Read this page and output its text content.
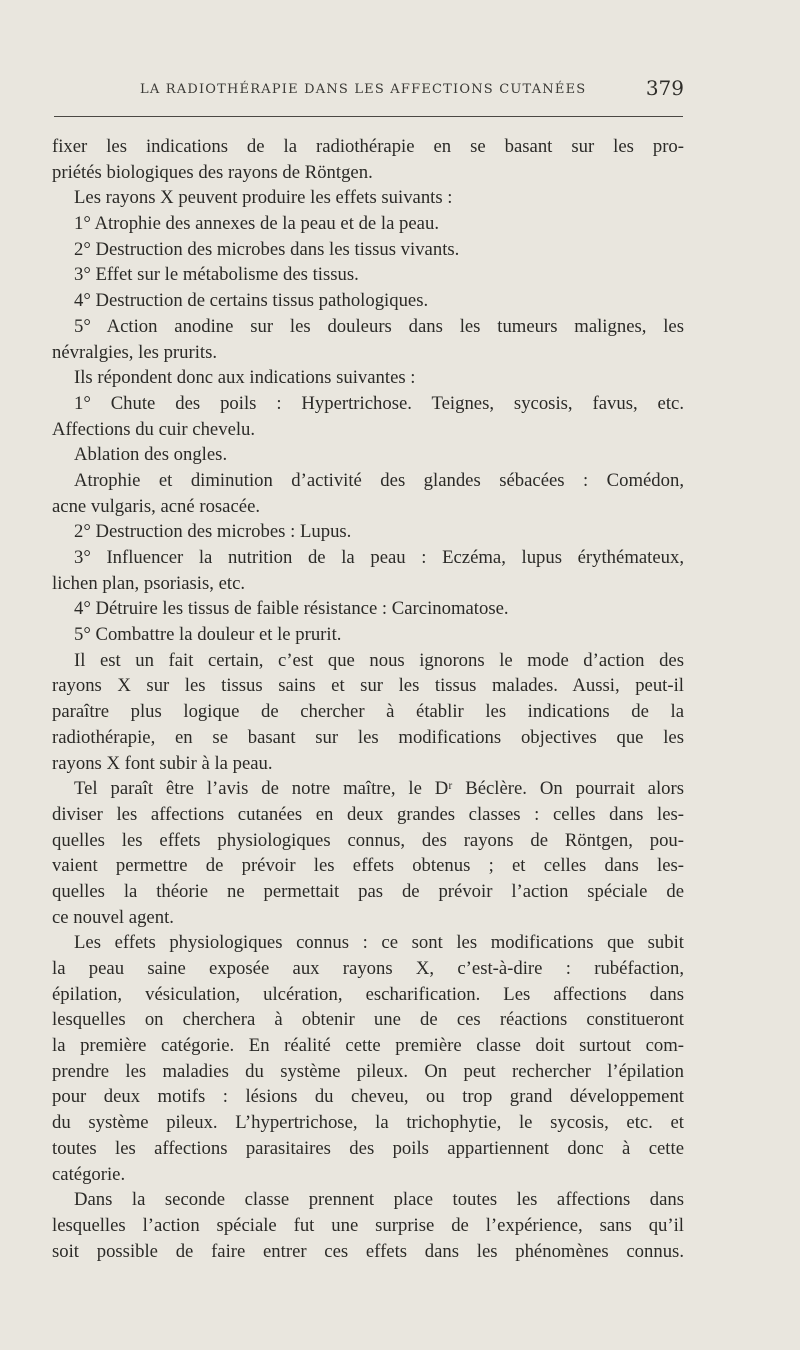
LA RADIOTHÉRAPIE DANS LES AFFECTIONS CUTANÉES	379
fixer les indications de la radiothérapie en se basant sur les pro-
priétés biologiques des rayons de Röntgen.
Les rayons X peuvent produire les effets suivants :
1° Atrophie des annexes de la peau et de la peau.
2° Destruction des microbes dans les tissus vivants.
3° Effet sur le métabolisme des tissus.
4° Destruction de certains tissus pathologiques.
5° Action anodine sur les douleurs dans les tumeurs malignes, les
névralgies, les prurits.
Ils répondent donc aux indications suivantes :
1° Chute des poils : Hypertrichose. Teignes, sycosis, favus, etc.
Affections du cuir chevelu.
Ablation des ongles.
Atrophie et diminution d’activité des glandes sébacées : Comédon,
acne vulgaris, acné rosacée.
2° Destruction des microbes : Lupus.
3° Influencer la nutrition de la peau : Eczéma, lupus érythémateux,
lichen plan, psoriasis, etc.
4° Détruire les tissus de faible résistance : Carcinomatose.
5° Combattre la douleur et le prurit.
Il est un fait certain, c’est que nous ignorons le mode d’action des
rayons X sur les tissus sains et sur les tissus malades. Aussi, peut-il
paraître plus logique de chercher à établir les indications de la
radiothérapie, en se basant sur les modifications objectives que les
rayons X font subir à la peau.
Tel paraît être l’avis de notre maître, le Dʳ Béclère. On pourrait alors
diviser les affections cutanées en deux grandes classes : celles dans les-
quelles les effets physiologiques connus, des rayons de Röntgen, pou-
vaient permettre de prévoir les effets obtenus ; et celles dans les-
quelles la théorie ne permettait pas de prévoir l’action spéciale de
ce nouvel agent.
Les effets physiologiques connus : ce sont les modifications que subit
la peau saine exposée aux rayons X, c’est-à-dire : rubéfaction,
épilation, vésiculation, ulcération, escharification. Les affections dans
lesquelles on cherchera à obtenir une de ces réactions constitueront
la première catégorie. En réalité cette première classe doit surtout com-
prendre les maladies du système pileux. On peut rechercher l’épilation
pour deux motifs : lésions du cheveu, ou trop grand développement
du système pileux. L’hypertrichose, la trichophytie, le sycosis, etc. et
toutes les affections parasitaires des poils appartiennent donc à cette
catégorie.
Dans la seconde classe prennent place toutes les affections dans
lesquelles l’action spéciale fut une surprise de l’expérience, sans qu’il
soit possible de faire entrer ces effets dans les phénomènes connus.
